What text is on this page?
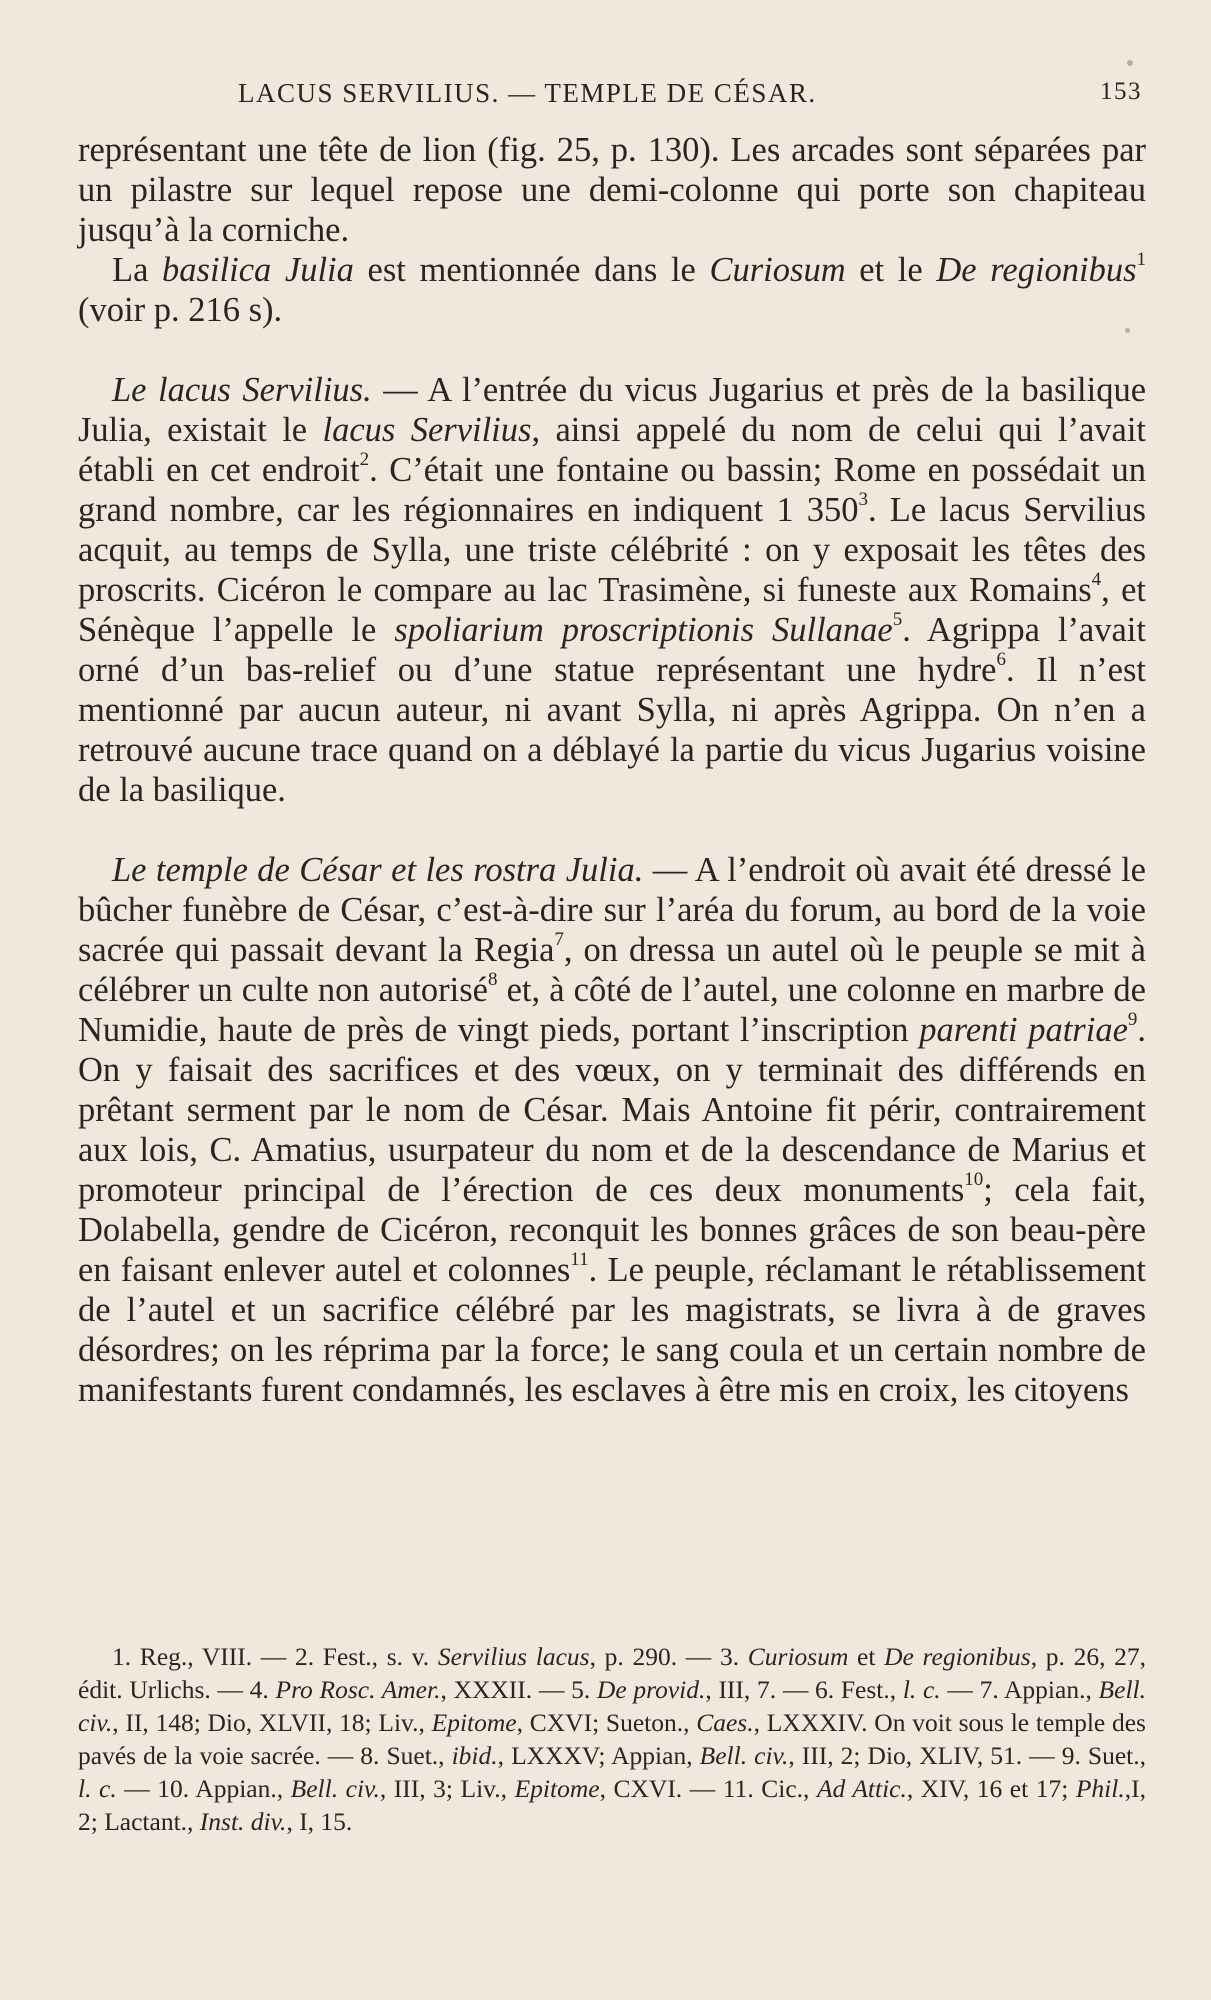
LACUS SERVILIUS. — TEMPLE DE CÉSAR.	153

représentant une tête de lion (fig. 25, p. 130). Les arcades sont séparées par un pilastre sur lequel repose une demi-colonne qui porte son chapiteau jusqu’à la corniche.

La basilica Julia est mentionnée dans le Curiosum et le De regionibus$^1$ (voir p. 216 s).

Le lacus Servilius. — A l’entrée du vicus Jugarius et près de la basilique Julia, existait le lacus Servilius, ainsi appelé du nom de celui qui l’avait établi en cet endroit$^2$. C’était une fontaine ou bassin; Rome en possédait un grand nombre, car les régionnaires en indiquent 1 $350^3$. Le lacus Servilius acquit, au temps de Sylla, une triste célébrité : on y exposait les têtes des proscrits. Cicéron le compare au lac Trasimène, si funeste aux Romains$^4$, et Sénèque l’appelle le spoliarium proscriptionis Sullanae$^5$. Agrippa l’avait orné d’un bas-relief ou d’une statue représentant une hydre$^6$. Il n’est mentionné par aucun auteur, ni avant Sylla, ni après Agrippa. On n’en a retrouvé aucune trace quand on a déblayé la partie du vicus Jugarius voisine de la basilique.

Le temple de César et les rostra Julia. — A l’endroit où avait été dressé le bûcher funèbre de César, c’est-à-dire sur l’aréa du forum, au bord de la voie sacrée qui passait devant la Regia$^7$, on dressa un autel où le peuple se mit à célébrer un culte non autorisé$^8$ et, à côté de l’autel, une colonne en marbre de Numidie, haute de près de vingt pieds, portant l’inscription parenti patriae$^9$. On y faisait des sacrifices et des vœux, on y terminait des différends en prêtant serment par le nom de César. Mais Antoine fit périr, contrairement aux lois, C. Amatius, usurpateur du nom et de la descendance de Marius et promoteur principal de l’érection de ces deux monuments$^{10}$; cela fait, Dolabella, gendre de Cicéron, reconquit les bonnes grâces de son beau-père en faisant enlever autel et colonnes$^{11}$. Le peuple, réclamant le rétablissement de l’autel et un sacrifice célébré par les magistrats, se livra à de graves désordres; on les réprima par la force; le sang coula et un certain nombre de manifestants furent condamnés, les esclaves à être mis en croix, les citoyens

1. Reg., VIII. — 2. Fest., s. v. Servilius lacus, p. 290. — 3. Curiosum et De regionibus, p. 26, 27, édit. Urlichs. — 4. Pro Rosc. Amer., XXXII. — 5. De provid., III, 7. — 6. Fest., l. c. — 7. Appian., Bell. civ., II, 148; Dio, XLVII, 18; Liv., Epitome, CXVI; Sueton., Caes., LXXXIV. On voit sous le temple des pavés de la voie sacrée. — 8. Suet., ibid., LXXXV; Appian, Bell. civ., III, 2; Dio, XLIV, 51. — 9. Suet., l. c. — 10. Appian., Bell. civ., III, 3; Liv., Epitome, CXVI. — 11. Cic., Ad Attic., XIV, 16 et 17; Phil.,I, 2; Lactant., Inst. div., I, 15.
